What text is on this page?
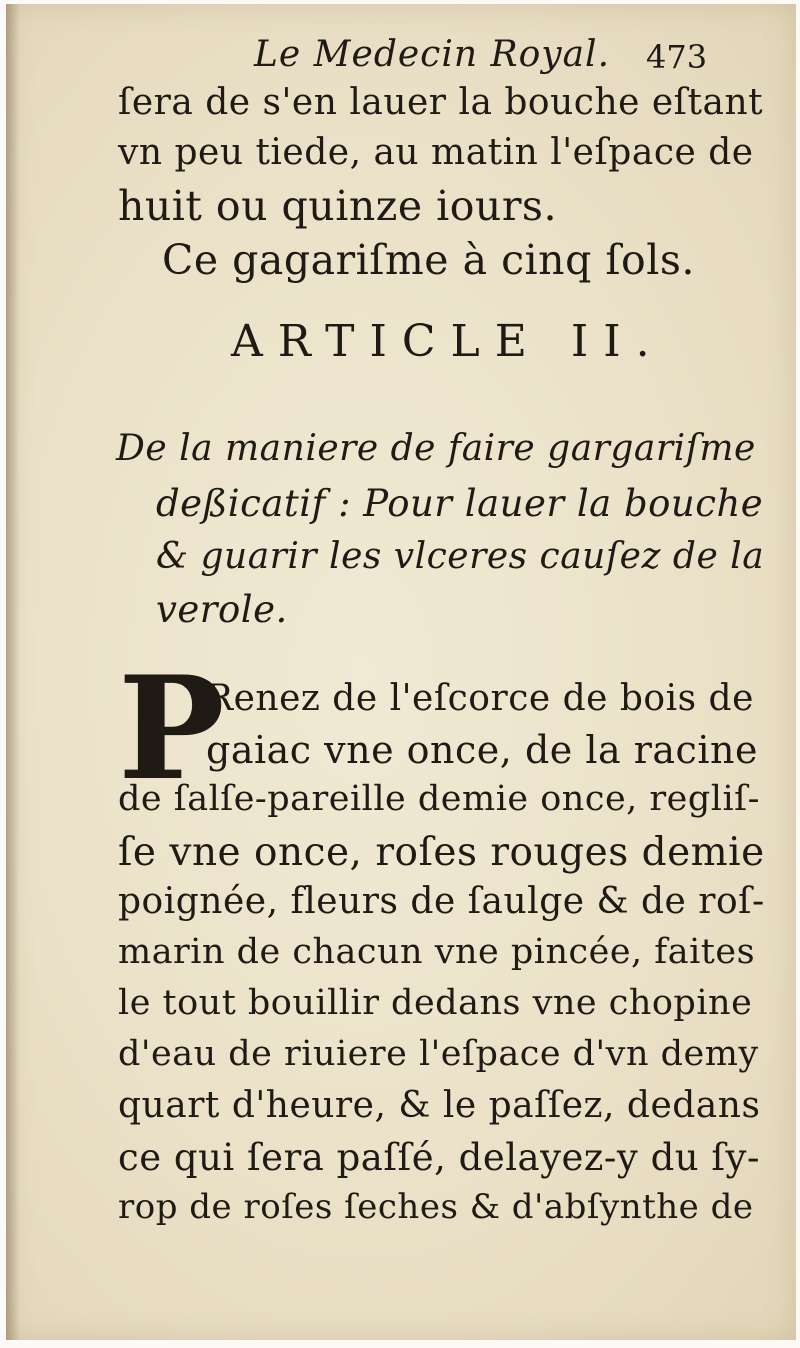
Le Medecin Royal. 473
ſera de s'en lauer la bouche eſtant
vn peu tiede, au matin l'eſpace de
huit ou quinze iours.
Ce gagariſme à cinq ſols.
ARTICLE II.
De la maniere de faire gargariſme
deßicatif : Pour lauer la bouche
& guarir les vlceres cauſez de la
verole.
P
Renez de l'eſcorce de bois de
gaiac vne once, de la racine
de ſalſe-pareille demie once, regliſ-
ſe vne once, roſes rouges demie
poignée, fleurs de ſaulge & de roſ-
marin de chacun vne pincée, faites
le tout bouillir dedans vne chopine
d'eau de riuiere l'eſpace d'vn demy
quart d'heure, & le paſſez, dedans
ce qui ſera paſſé, delayez-y du ſy-
rop de roſes ſeches & d'abſynthe de
